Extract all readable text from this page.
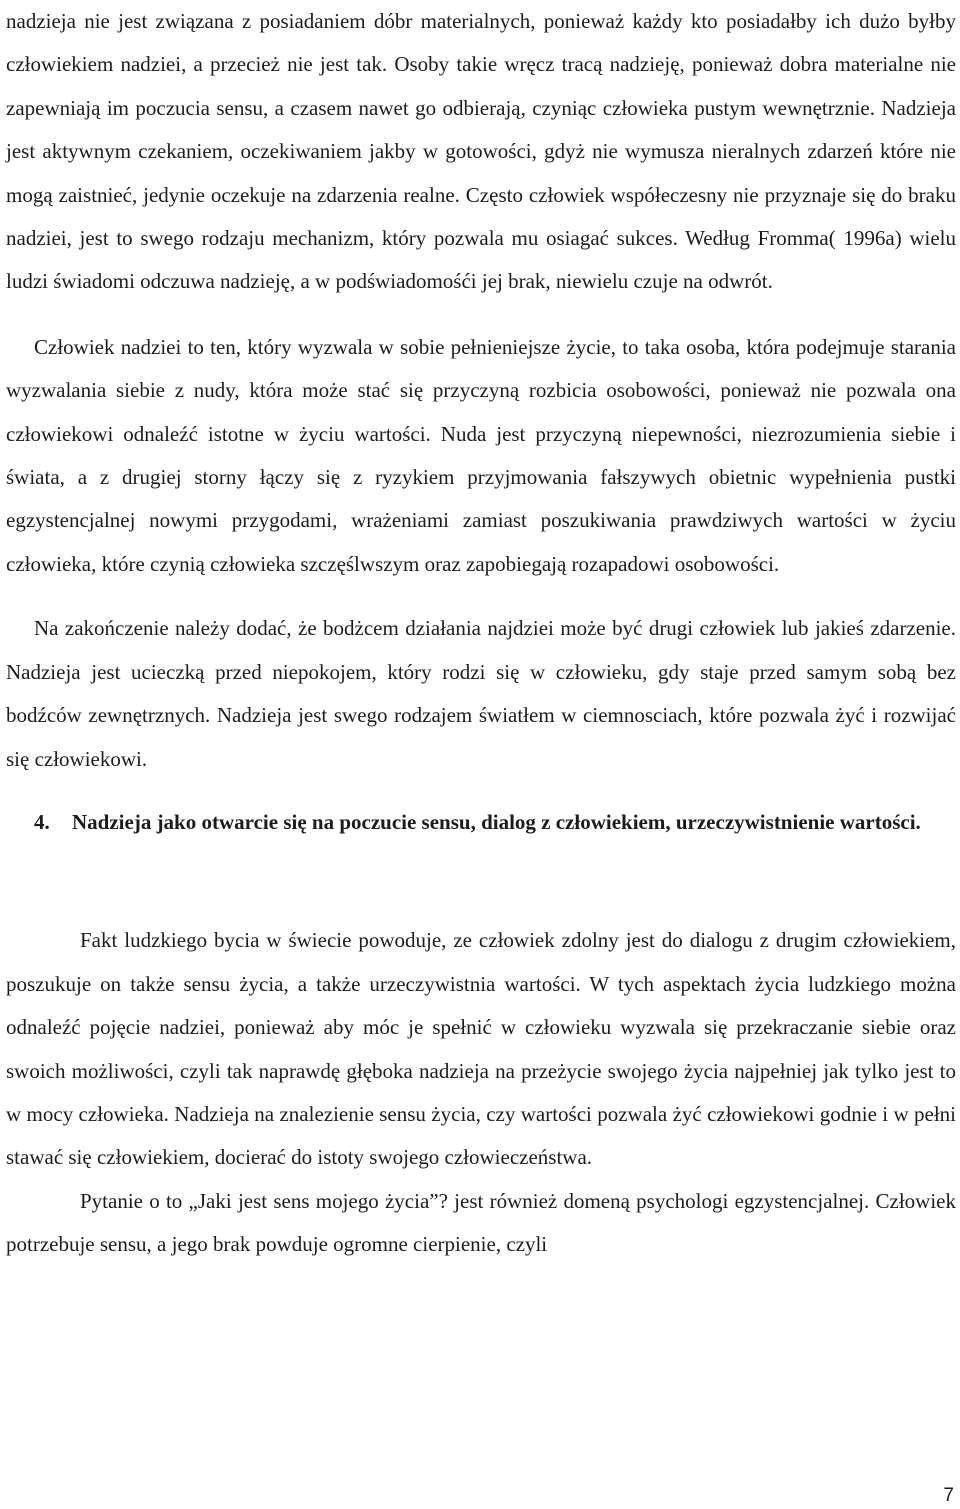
nadzieja nie jest związana z posiadaniem dóbr materialnych, ponieważ każdy kto posiadałby ich dużo byłby człowiekiem nadziei, a przecież nie jest tak. Osoby takie wręcz tracą nadzieję, ponieważ dobra materialne nie zapewniają im poczucia sensu, a czasem nawet go odbierają, czyniąc człowieka pustym wewnętrznie. Nadzieja jest aktywnym czekaniem, oczekiwaniem jakby w gotowości, gdyż nie wymusza nieralnych zdarzeń które nie mogą zaistnieć, jedynie oczekuje na zdarzenia realne. Często człowiek współeczesny nie przyznaje się do braku nadziei, jest to swego rodzaju mechanizm, który pozwala mu osiagać sukces. Według Fromma( 1996a) wielu ludzi świadomi odczuwa nadzieję, a w podświadomośći jej brak, niewielu czuje na odwrót.

Człowiek nadziei to ten, który wyzwala w sobie pełnieniejsze życie, to taka osoba, która podejmuje starania wyzwalania siebie z nudy, która może stać się przyczyną rozbicia osobowości, ponieważ nie pozwala ona człowiekowi odnaleźć istotne w życiu wartości. Nuda jest przyczyną niepewności, niezrozumienia siebie i świata, a z drugiej storny łączy się z ryzykiem przyjmowania fałszywych obietnic wypełnienia pustki egzystencjalnej nowymi przygodami, wrażeniami zamiast poszukiwania prawdziwych wartości w życiu człowieka, które czynią człowieka szczęślwszym oraz zapobiegają rozapadowi osobowości.

Na zakończenie należy dodać, że bodżcem działania najdziei może być drugi człowiek lub jakieś zdarzenie. Nadzieja jest ucieczką przed niepokojem, który rodzi się w człowieku, gdy staje przed samym sobą bez bodźców zewnętrznych. Nadzieja jest swego rodzajem światłem w ciemnosciach, które pozwala żyć i rozwijać się człowiekowi.

4.	Nadzieja jako otwarcie się na poczucie sensu, dialog z człowiekiem, urzeczywistnienie wartości.

Fakt ludzkiego bycia w świecie powoduje, ze człowiek zdolny jest do dialogu z drugim człowiekiem, poszukuje on także sensu życia, a także urzeczywistnia wartości. W tych aspektach życia ludzkiego można odnaleźć pojęcie nadziei, ponieważ aby móc je spełnić w człowieku wyzwala się przekraczanie siebie oraz swoich możliwości, czyli tak naprawdę głęboka nadzieja na przeżycie swojego życia najpełniej jak tylko jest to w mocy człowieka. Nadzieja na znalezienie sensu życia, czy wartości pozwala żyć człowiekowi godnie i w pełni stawać się człowiekiem, docierać do istoty swojego człowieczeństwa.

Pytanie o to „Jaki jest sens mojego życia”? jest również domeną psychologi egzystencjalnej. Człowiek potrzebuje sensu, a jego brak powduje ogromne cierpienie, czyli

7
